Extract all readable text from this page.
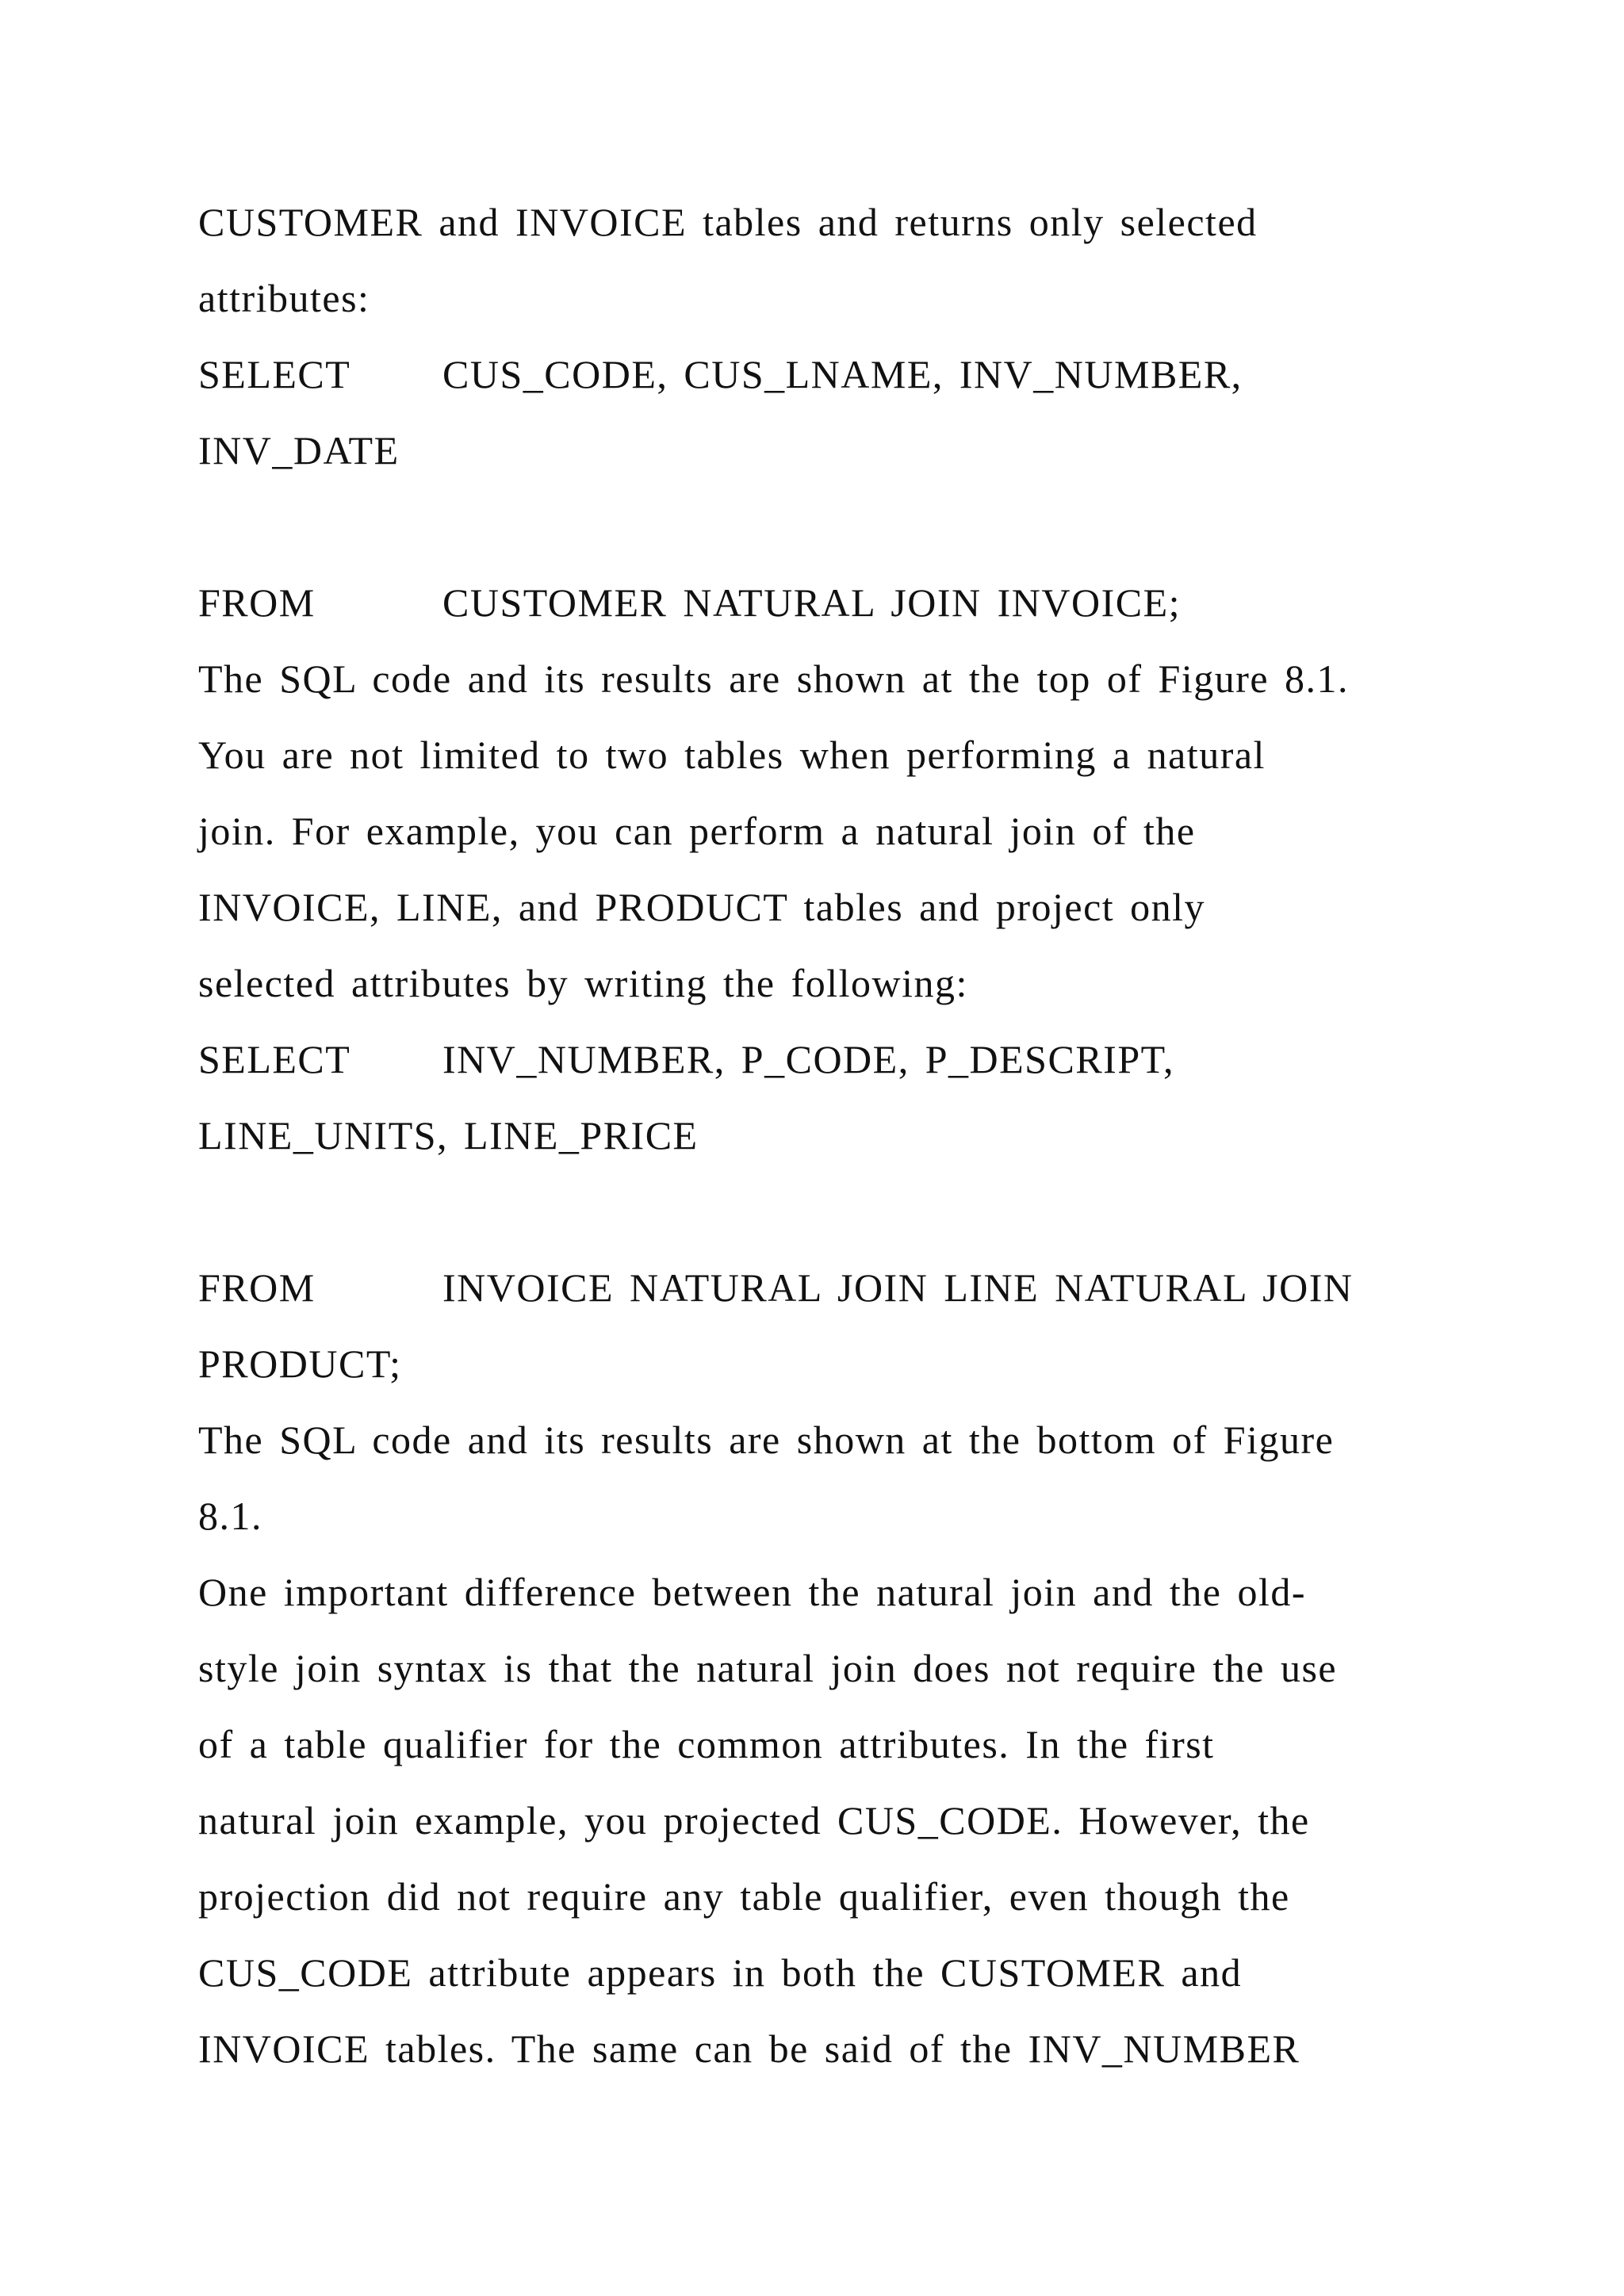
CUSTOMER and INVOICE tables and returns only selected
attributes:
SELECT CUS_CODE, CUS_LNAME, INV_NUMBER,
INV_DATE
FROM	CUSTOMER NATURAL JOIN INVOICE;
The SQL code and its results are shown at the top of Figure 8.1.
You are not limited to two tables when performing a natural
join. For example, you can perform a natural join of the
INVOICE, LINE, and PRODUCT tables and project only
selected attributes by writing the following:
SELECT INV_NUMBER, P_CODE, P_DESCRIPT,
LINE_UNITS, LINE_PRICE
FROM	INVOICE NATURAL JOIN LINE NATURAL JOIN
PRODUCT;
The SQL code and its results are shown at the bottom of Figure
8.1.
One important difference between the natural join and the old-
style join syntax is that the natural join does not require the use
of a table qualifier for the common attributes. In the first
natural join example, you projected CUS_CODE. However, the
projection did not require any table qualifier, even though the
CUS_CODE attribute appears in both the CUSTOMER and
INVOICE tables. The same can be said of the INV_NUMBER
